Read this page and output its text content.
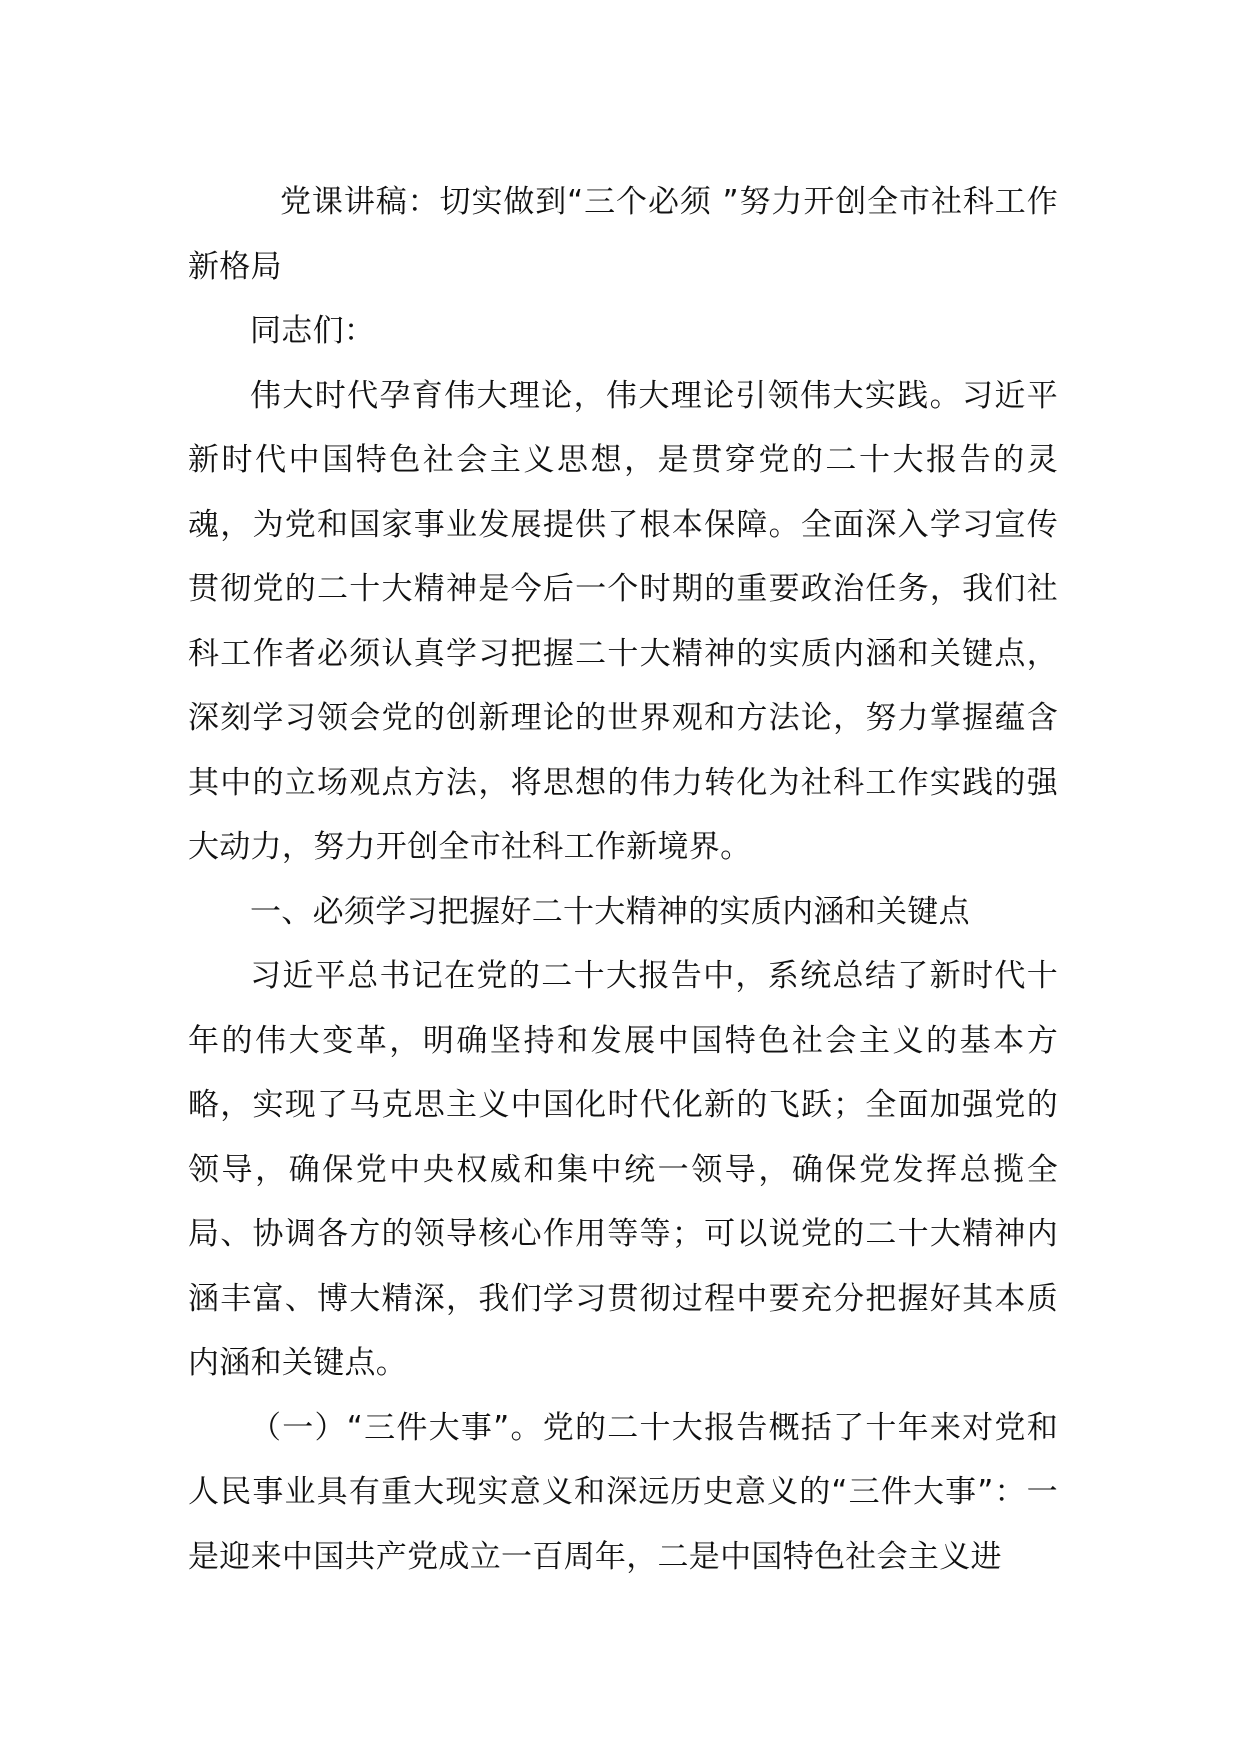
党课讲稿：切实做到“三个必须 ”努力开创全市社科工作新格局

同志们：

伟大时代孕育伟大理论，伟大理论引领伟大实践。习近平新时代中国特色社会主义思想，是贯穿党的二十大报告的灵魂，为党和国家事业发展提供了根本保障。全面深入学习宣传贯彻党的二十大精神是今后一个时期的重要政治任务，我们社科工作者必须认真学习把握二十大精神的实质内涵和关键点，深刻学习领会党的创新理论的世界观和方法论，努力掌握蕴含其中的立场观点方法，将思想的伟力转化为社科工作实践的强大动力，努力开创全市社科工作新境界。

一、必须学习把握好二十大精神的实质内涵和关键点

习近平总书记在党的二十大报告中，系统总结了新时代十年的伟大变革，明确坚持和发展中国特色社会主义的基本方略，实现了马克思主义中国化时代化新的飞跃；全面加强党的领导，确保党中央权威和集中统一领导，确保党发挥总揽全局、协调各方的领导核心作用等等；可以说党的二十大精神内涵丰富、博大精深，我们学习贯彻过程中要充分把握好其本质内涵和关键点。

（一）“三件大事”。党的二十大报告概括了十年来对党和人民事业具有重大现实意义和深远历史意义的“三件大事”：一是迎来中国共产党成立一百周年，二是中国特色社会主义进
